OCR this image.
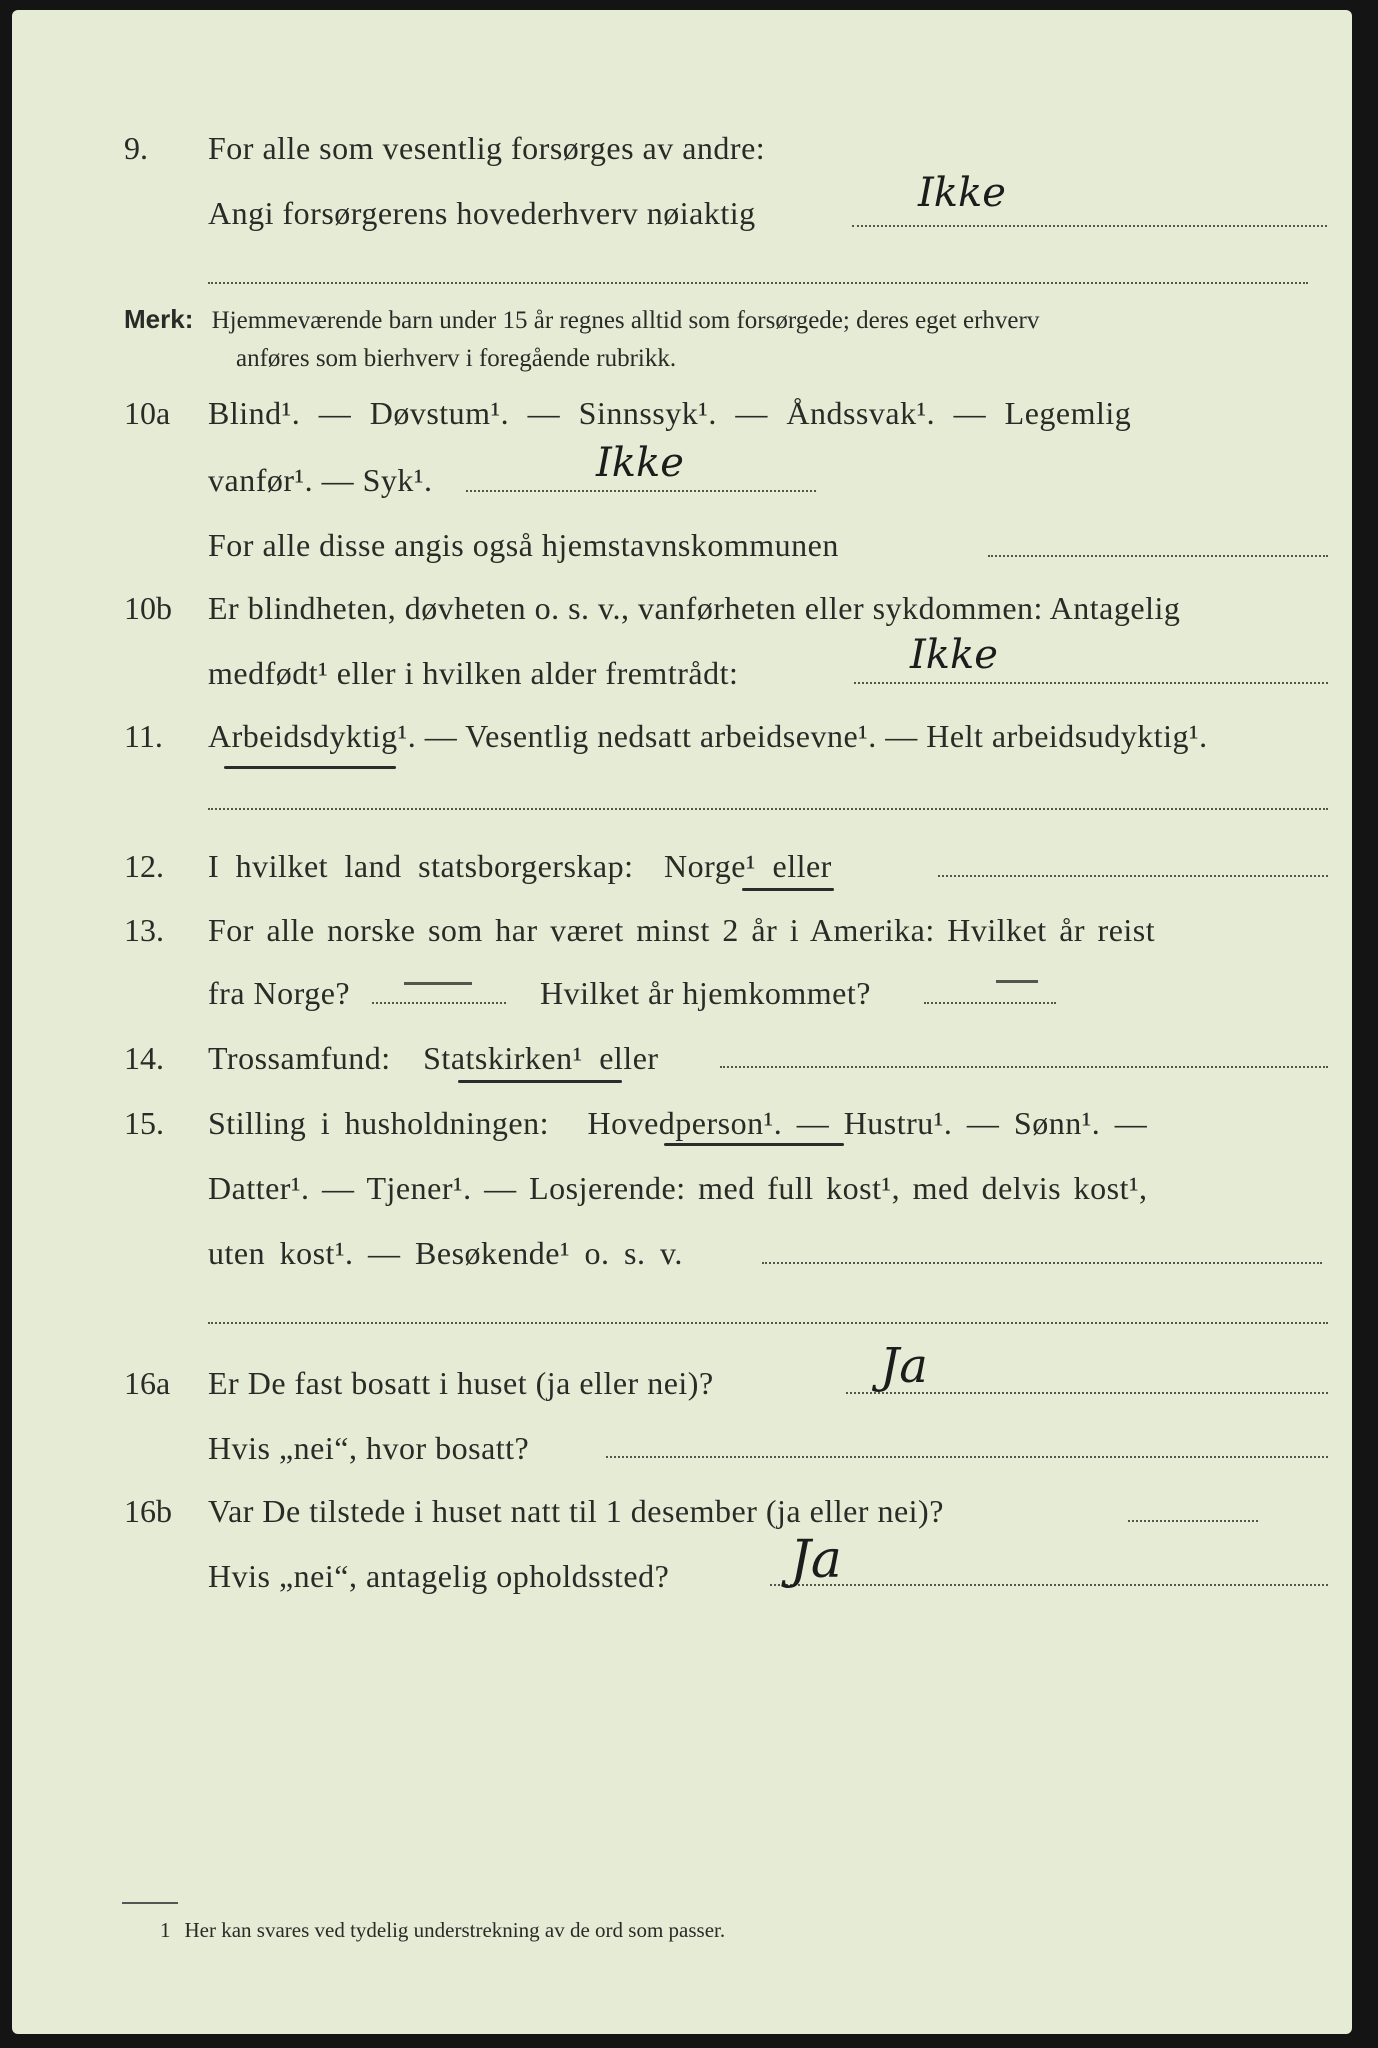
9. For alle som vesentlig forsørges av andre:
Angi forsørgerens hovederhverv nøiaktig	Ikke
Merk: Hjemmeværende barn under 15 år regnes alltid som forsørgede; deres eget erhverv
anføres som bierhverv i foregående rubrikk.
10a Blind¹. — Døvstum¹. — Sinnssyk¹. — Åndssvak¹. — Legemlig
vanfør¹. — Syk¹.	Ikke
For alle disse angis også hjemstavnskommunen
10b Er blindheten, døvheten o. s. v., vanførheten eller sykdommen: Antagelig
medfødt¹ eller i hvilken alder fremtrådt:	Ikke
11. Arbeidsdyktig¹. — Vesentlig nedsatt arbeidsevne¹. — Helt arbeidsudyktig¹.
12. I hvilket land statsborgerskap: Norge¹ eller
13. For alle norske som har været minst 2 år i Amerika: Hvilket år reist
fra Norge?	Hvilket år hjemkommet?
14. Trossamfund: Statskirken¹ eller
15. Stilling i husholdningen: Hovedperson¹. — Hustru¹. — Sønn¹. —
Datter¹. — Tjener¹. — Losjerende: med full kost¹, med delvis kost¹,
uten kost¹. — Besøkende¹ o. s. v.
16a Er De fast bosatt i huset (ja eller nei)?	Ja
Hvis „nei“, hvor bosatt?
16b Var De tilstede i huset natt til 1 desember (ja eller nei)?
Hvis „nei“, antagelig opholdssted? Ja
1 Her kan svares ved tydelig understrekning av de ord som passer.
